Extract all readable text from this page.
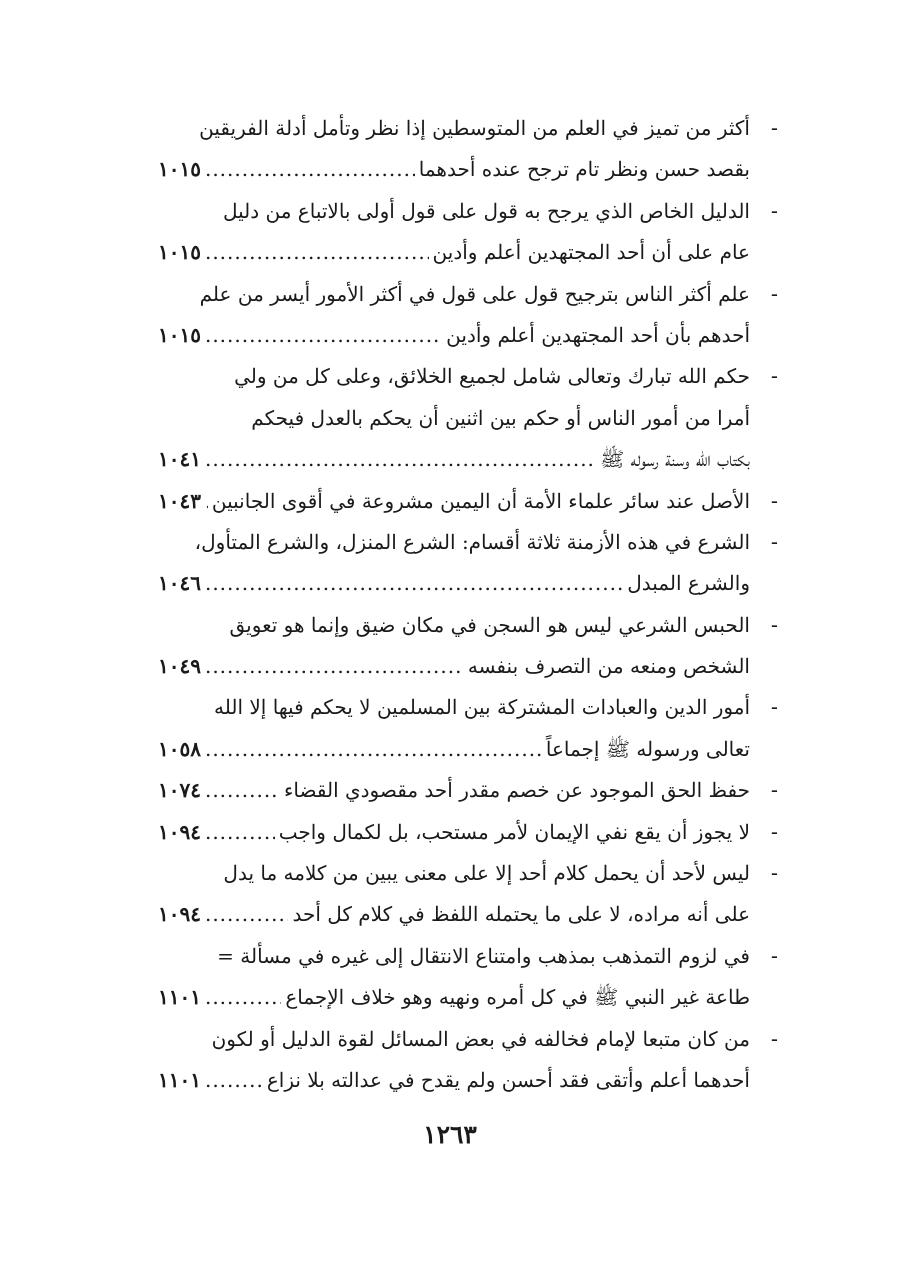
-
أكثر من تميز في العلم من المتوسطين إذا نظر وتأمل أدلة الفريقين
بقصد حسن ونظر تام ترجح عنده أحدهما
.....
١٠١٥
-
الدليل الخاص الذي يرجح به قول على قول أولى بالاتباع من دليل
عام على أن أحد المجتهدين أعلم وأدين
.....
١٠١٥
-
علم أكثر الناس بترجيح قول على قول في أكثر الأمور أيسر من علم
أحدهم بأن أحد المجتهدين أعلم وأدين
.....
١٠١٥
-
حكم الله تبارك وتعالى شامل لجميع الخلائق، وعلى كل من ولي
أمرا من أمور الناس أو حكم بين اثنين أن يحكم بالعدل فيحكم
بكتاب الله وسنة رسوله ﷺ
.....
١٠٤١
-
الأصل عند سائر علماء الأمة أن اليمين مشروعة في أقوى الجانبين
.....
١٠٤٣
-
الشرع في هذه الأزمنة ثلاثة أقسام: الشرع المنزل، والشرع المتأول،
والشرع المبدل
.....
١٠٤٦
-
الحبس الشرعي ليس هو السجن في مكان ضيق وإنما هو تعويق
الشخص ومنعه من التصرف بنفسه
.....
١٠٤٩
-
أمور الدين والعبادات المشتركة بين المسلمين لا يحكم فيها إلا الله
تعالى ورسوله ﷺ إجماعاً
.....
١٠٥٨
-
حفظ الحق الموجود عن خصم مقدر أحد مقصودي القضاء
.....
١٠٧٤
-
لا يجوز أن يقع نفي الإيمان لأمر مستحب، بل لكمال واجب
.....
١٠٩٤
-
ليس لأحد أن يحمل كلام أحد إلا على معنى يبين من كلامه ما يدل
على أنه مراده، لا على ما يحتمله اللفظ في كلام كل أحد
.....
١٠٩٤
-
في لزوم التمذهب بمذهب وامتناع الانتقال إلى غيره في مسألة =
طاعة غير النبي ﷺ في كل أمره ونهيه وهو خلاف الإجماع
.....
١١٠١
-
من كان متبعا لإمام فخالفه في بعض المسائل لقوة الدليل أو لكون
أحدهما أعلم وأتقى فقد أحسن ولم يقدح في عدالته بلا نزاع
.....
١١٠١
١٢٦٣
